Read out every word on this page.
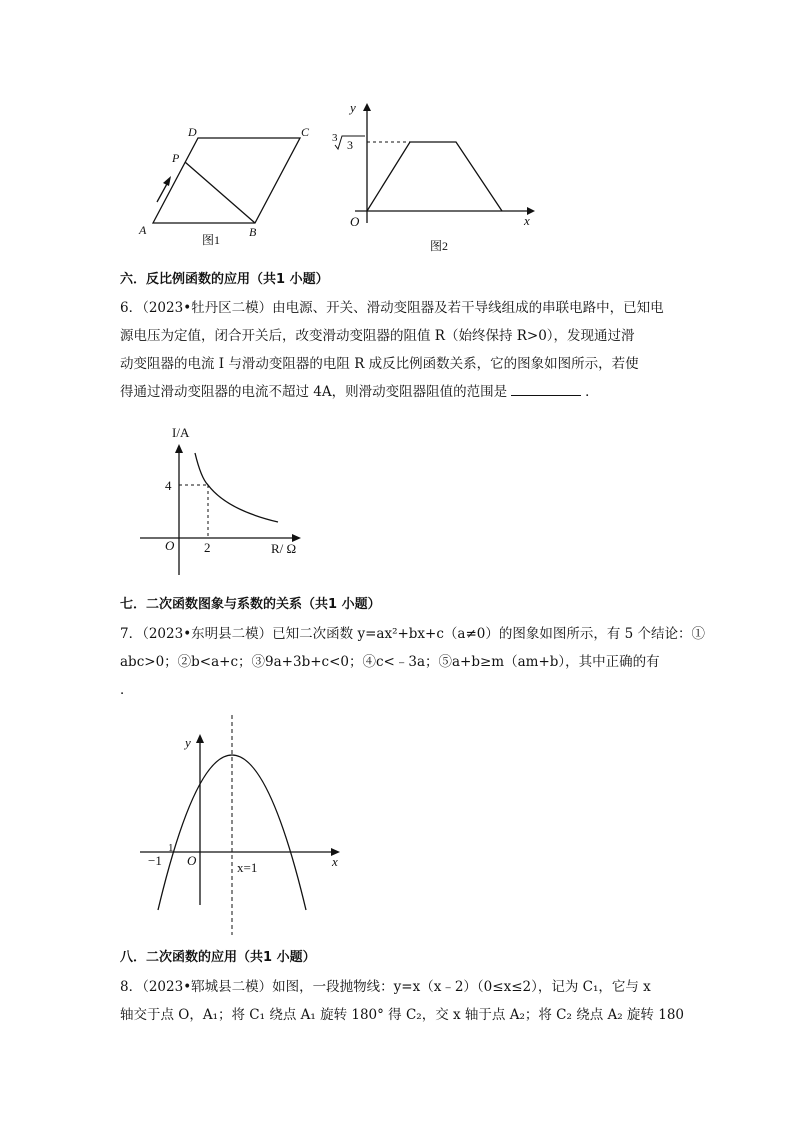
D	C
P
A	B
图1
3 3
y
x
O
图2
六．反比例函数的应用（共1 小题）
6．（2023•牡丹区二模）由电源、开关、滑动变阻器及若干导线组成的串联电路中，已知电
源电压为定值，闭合开关后，改变滑动变阻器的阻值 R（始终保持 R>0），发现通过滑
动变阻器的电流 I 与滑动变阻器的电阻 R 成反比例函数关系，它的图象如图所示，若使
得通过滑动变阻器的电流不超过 4A，则滑动变阻器阻值的范围是	．
I/A
4
O 2	R/ Ω
七．二次函数图象与系数的关系（共1 小题）
7．（2023•东明县二模）已知二次函数 y=ax²+bx+c（a≠0）的图象如图所示，有 5 个结论：①
abc>0；②b<a+c；③9a+3b+c<0；④c<﹣3a；⑤a+b≥m（am+b），其中正确的有
．
y
O	x
−1
1
x=1
八．二次函数的应用（共1 小题）
8．（2023•郓城县二模）如图，一段抛物线：y=x（x﹣2）（0≤x≤2），记为 C₁，它与 x
轴交于点 O，A₁；将 C₁ 绕点 A₁ 旋转 180° 得 C₂，交 x 轴于点 A₂；将 C₂ 绕点 A₂ 旋转 180
